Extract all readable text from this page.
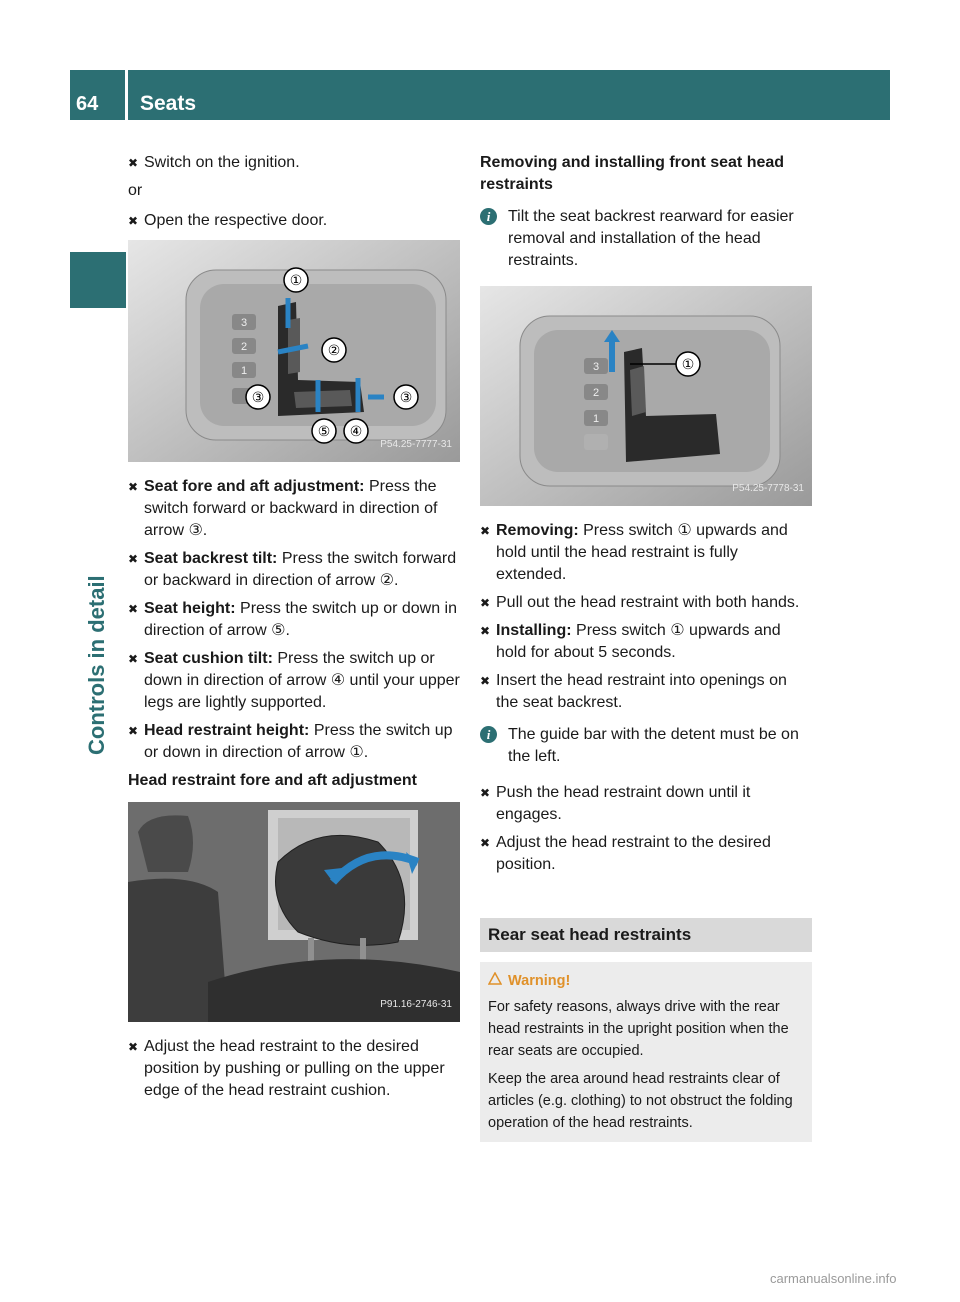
64	Seats
Controls in detail
✖ Switch on the ignition.

or

✖ Open the respective door.
3
2
1
①
②
③	③
⑤ ④
P54.25-7777-31
✖ Seat fore and aft adjustment: Press the switch forward or backward in direction of arrow ③.
✖ Seat backrest tilt: Press the switch forward or backward in direction of arrow ②.
✖ Seat height: Press the switch up or down in direction of arrow ⑤.
✖ Seat cushion tilt: Press the switch up or down in direction of arrow ④ until your upper legs are lightly supported.
✖ Head restraint height: Press the switch up or down in direction of arrow ①.

Head restraint fore and aft adjustment

P91.16-2746-31
✖ Adjust the head restraint to the desired position by pushing or pulling on the upper edge of the head restraint cushion.

Removing and installing front seat head restraints

i	Tilt the seat backrest rearward for easier removal and installation of the head restraints.
3
2
1
①
P54.25-7778-31
✖ Removing: Press switch ① upwards and hold until the head restraint is fully extended.
✖ Pull out the head restraint with both hands.
✖ Installing: Press switch ① upwards and hold for about 5 seconds.
✖ Insert the head restraint into openings on the seat backrest.
i	The guide bar with the detent must be on the left.
✖ Push the head restraint down until it engages.
✖ Adjust the head restraint to the desired position.
Rear seat head restraints
Warning!

For safety reasons, always drive with the rear head restraints in the upright position when the rear seats are occupied.

Keep the area around head restraints clear of articles (e.g. clothing) to not obstruct the folding operation of the head restraints.

carmanualsonline.info
